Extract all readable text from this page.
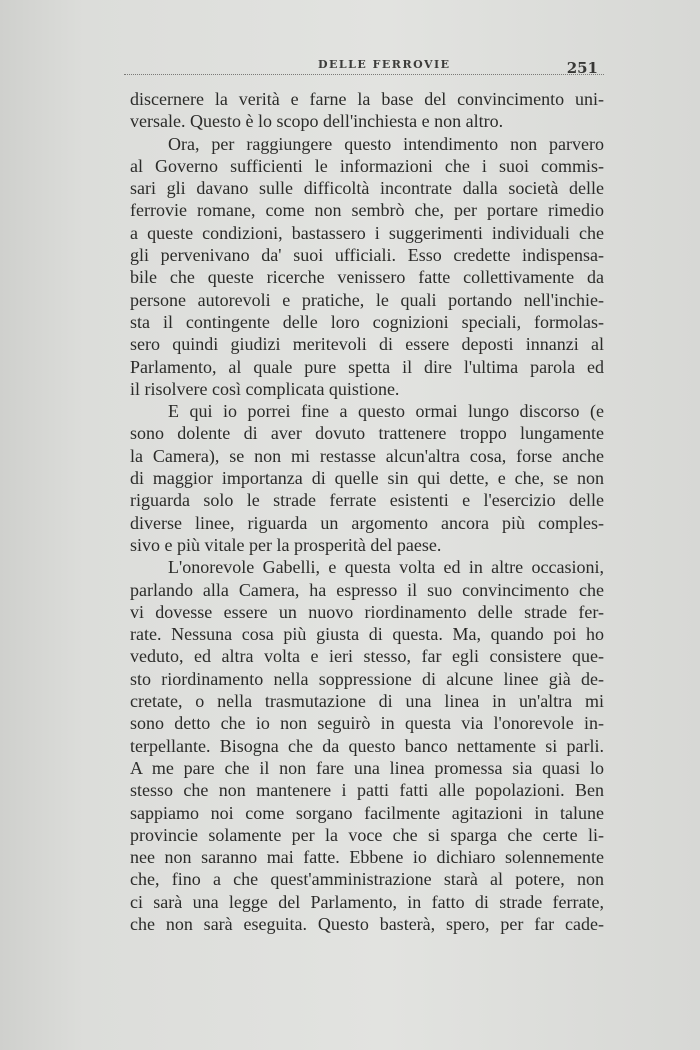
DELLE FERROVIE	251
discernere la verità e farne la base del convincimento uni-
versale. Questo è lo scopo dell'inchiesta e non altro.
Ora, per raggiungere questo intendimento non parvero
al Governo sufficienti le informazioni che i suoi commis-
sari gli davano sulle difficoltà incontrate dalla società delle
ferrovie romane, come non sembrò che, per portare rimedio
a queste condizioni, bastassero i suggerimenti individuali che
gli pervenivano da' suoi ufficiali. Esso credette indispensa-
bile che queste ricerche venissero fatte collettivamente da
persone autorevoli e pratiche, le quali portando nell'inchie-
sta il contingente delle loro cognizioni speciali, formolas-
sero quindi giudizi meritevoli di essere deposti innanzi al
Parlamento, al quale pure spetta il dire l'ultima parola ed
il risolvere così complicata quistione.
E qui io porrei fine a questo ormai lungo discorso (e
sono dolente di aver dovuto trattenere troppo lungamente
la Camera), se non mi restasse alcun'altra cosa, forse anche
di maggior importanza di quelle sin qui dette, e che, se non
riguarda solo le strade ferrate esistenti e l'esercizio delle
diverse linee, riguarda un argomento ancora più comples-
sivo e più vitale per la prosperità del paese.
L'onorevole Gabelli, e questa volta ed in altre occasioni,
parlando alla Camera, ha espresso il suo convincimento che
vi dovesse essere un nuovo riordinamento delle strade fer-
rate. Nessuna cosa più giusta di questa. Ma, quando poi ho
veduto, ed altra volta e ieri stesso, far egli consistere que-
sto riordinamento nella soppressione di alcune linee già de-
cretate, o nella trasmutazione di una linea in un'altra mi
sono detto che io non seguirò in questa via l'onorevole in-
terpellante. Bisogna che da questo banco nettamente si parli.
A me pare che il non fare una linea promessa sia quasi lo
stesso che non mantenere i patti fatti alle popolazioni. Ben
sappiamo noi come sorgano facilmente agitazioni in talune
provincie solamente per la voce che si sparga che certe li-
nee non saranno mai fatte. Ebbene io dichiaro solennemente
che, fino a che quest'amministrazione starà al potere, non
ci sarà una legge del Parlamento, in fatto di strade ferrate,
che non sarà eseguita. Questo basterà, spero, per far cade-
